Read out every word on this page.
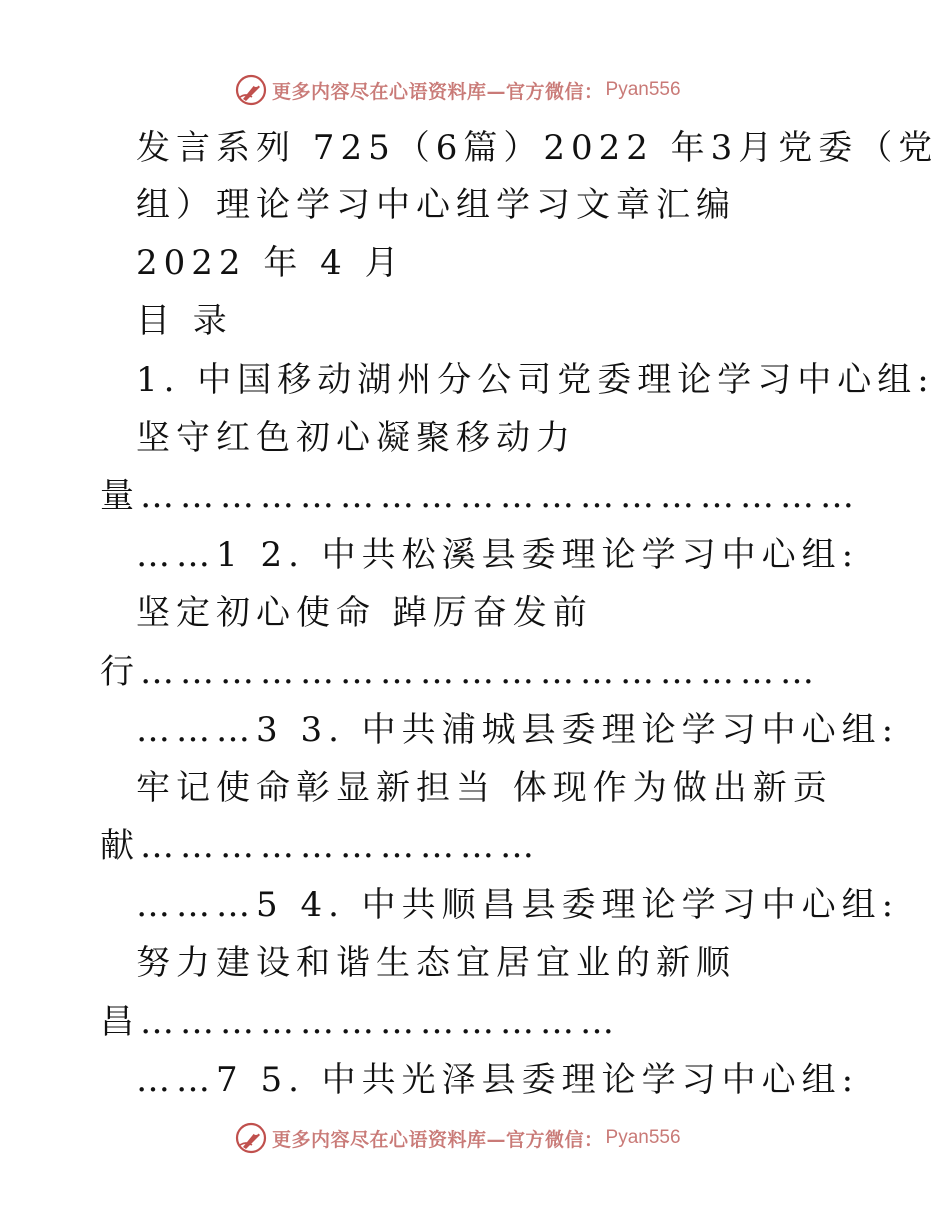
更多内容尽在心语资料库—官方微信： Pyan556
发言系列 725（6篇）2022 年3月党委（党
组）理论学习中心组学习文章汇编
2022 年 4 月
目 录
1. 中国移动湖州分公司党委理论学习中心组:
坚守红色初心凝聚移动力
量………………………………………………
……1 2. 中共松溪县委理论学习中心组:
坚定初心使命 踔厉奋发前
行……………………………………………
………3 3. 中共浦城县委理论学习中心组:
牢记使命彰显新担当 体现作为做出新贡
献…………………………
………5 4. 中共顺昌县委理论学习中心组:
努力建设和谐生态宜居宜业的新顺
昌………………………………
……7 5. 中共光泽县委理论学习中心组:
更多内容尽在心语资料库—官方微信： Pyan556
